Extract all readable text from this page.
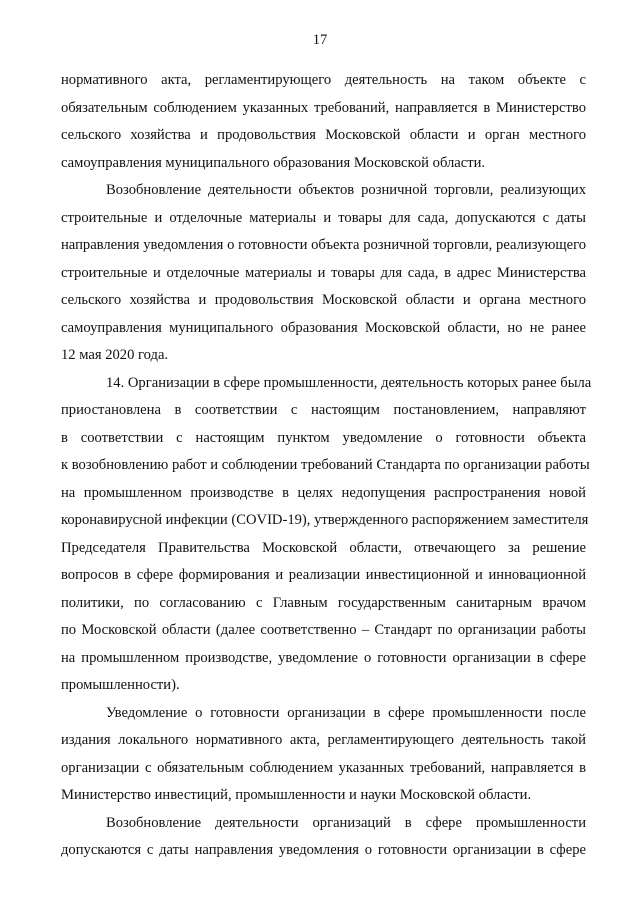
17
нормативного акта, регламентирующего деятельность на таком объекте с
обязательным соблюдением указанных требований, направляется в Министерство
сельского хозяйства и продовольствия Московской области и орган местного
самоуправления муниципального образования Московской области.
Возобновление деятельности объектов розничной торговли, реализующих
строительные и отделочные материалы и товары для сада, допускаются с даты
направления уведомления о готовности объекта розничной торговли, реализующего
строительные и отделочные материалы и товары для сада, в адрес Министерства
сельского хозяйства и продовольствия Московской области и органа местного
самоуправления муниципального образования Московской области, но не ранее
12 мая 2020 года.
14. Организации в сфере промышленности, деятельность которых ранее была
приостановлена в соответствии с настоящим постановлением, направляют
в соответствии с настоящим пунктом уведомление о готовности объекта
к возобновлению работ и соблюдении требований Стандарта по организации работы
на промышленном производстве в целях недопущения распространения новой
коронавирусной инфекции (COVID-19), утвержденного распоряжением заместителя
Председателя Правительства Московской области, отвечающего за решение
вопросов в сфере формирования и реализации инвестиционной и инновационной
политики, по согласованию с Главным государственным санитарным врачом
по Московской области (далее соответственно – Стандарт по организации работы
на промышленном производстве, уведомление о готовности организации в сфере
промышленности).
Уведомление о готовности организации в сфере промышленности после
издания локального нормативного акта, регламентирующего деятельность такой
организации с обязательным соблюдением указанных требований, направляется в
Министерство инвестиций, промышленности и науки Московской области.
Возобновление деятельности организаций в сфере промышленности
допускаются с даты направления уведомления о готовности организации в сфере
